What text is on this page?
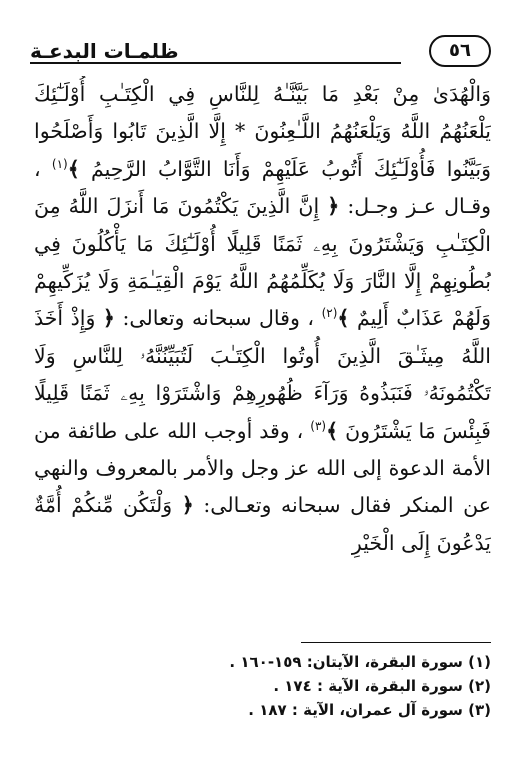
٥٦
ظلمـات البدعـة
وَالْهُدَىٰ مِنْ بَعْدِ مَا بَيَّنَّـٰهُ لِلنَّاسِ فِي الْكِتَـٰبِ أُوْلَـٰٓئِكَ يَلْعَنُهُمُ اللَّهُ وَيَلْعَنُهُمُ اللَّـٰعِنُونَ * إِلَّا الَّذِينَ تَابُوا وَأَصْلَحُوا وَبَيَّنُوا فَأُوْلَـٰٓئِكَ أَتُوبُ عَلَيْهِمْ وَأَنَا التَّوَّابُ الرَّحِيمُ ﴾$^{(١)}$ ، وقـال عـز وجـل: ﴿ إِنَّ الَّذِينَ يَكْتُمُونَ مَا أَنزَلَ اللَّهُ مِنَ الْكِتَـٰبِ وَيَشْتَرُونَ بِهِۦ ثَمَنًا قَلِيلًا أُوْلَـٰٓئِكَ مَا يَأْكُلُونَ فِي بُطُونِهِمْ إِلَّا النَّارَ وَلَا يُكَلِّمُهُمُ اللَّهُ يَوْمَ الْقِيَـٰمَةِ وَلَا يُزَكِّيهِمْ وَلَهُمْ عَذَابٌ أَلِيمٌ ﴾$^{(٢)}$ ، وقال سبحانه وتعالى: ﴿ وَإِذْ أَخَذَ اللَّهُ مِيثَـٰقَ الَّذِينَ أُوتُوا الْكِتَـٰبَ لَتُبَيِّنُنَّهُۥ لِلنَّاسِ وَلَا تَكْتُمُونَهُۥ فَنَبَذُوهُ وَرَآءَ ظُهُورِهِمْ وَاشْتَرَوْا بِهِۦ ثَمَنًا قَلِيلًا فَبِئْسَ مَا يَشْتَرُونَ ﴾$^{(٣)}$ ، وقد أوجب الله على طائفة من الأمة الدعوة إلى الله عز وجل والأمر بالمعروف والنهي عن المنكر فقال سبحانه وتعـالى: ﴿ وَلْتَكُن مِّنكُمْ أُمَّةٌ يَدْعُونَ إِلَى الْخَيْرِ
(١) سورة البقرة، الآيتان: ١٥٩-١٦٠ .
(٢) سورة البقرة، الآية : ١٧٤ .
(٣) سورة آل عمران، الآية : ١٨٧ .
